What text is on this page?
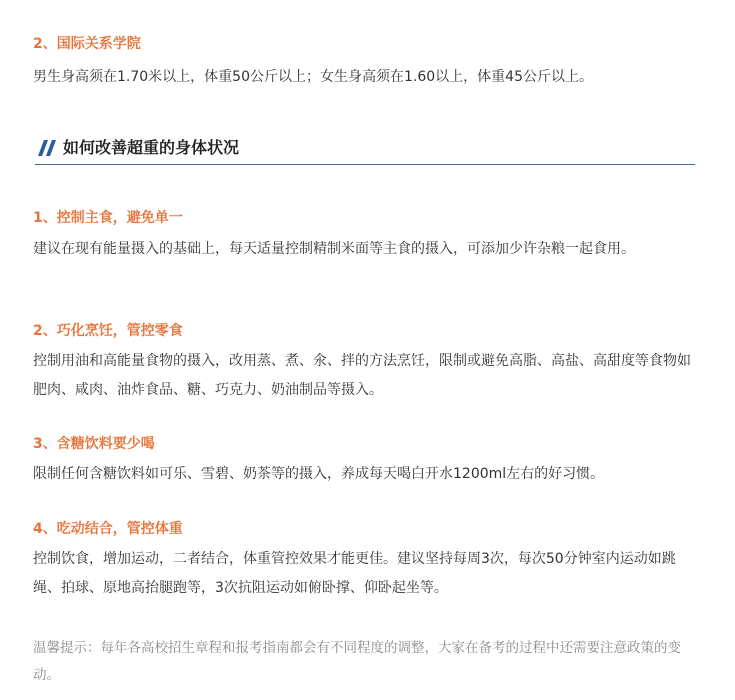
2、国际关系学院
男生身高须在1.70米以上，体重50公斤以上；女生身高须在1.60以上，体重45公斤以上。
如何改善超重的身体状况
1、控制主食，避免单一
建议在现有能量摄入的基础上，每天适量控制精制米面等主食的摄入，可添加少许杂粮一起食用。
2、巧化烹饪，管控零食
控制用油和高能量食物的摄入，改用蒸、煮、氽、拌的方法烹饪，限制或避免高脂、高盐、高甜度等食物如肥肉、咸肉、油炸食品、糖、巧克力、奶油制品等摄入。
3、含糖饮料要少喝
限制任何含糖饮料如可乐、雪碧、奶茶等的摄入，养成每天喝白开水1200ml左右的好习惯。
4、吃动结合，管控体重
控制饮食，增加运动，二者结合，体重管控效果才能更佳。建议坚持每周3次，每次50分钟室内运动如跳绳、拍球、原地高抬腿跑等，3次抗阻运动如俯卧撑、仰卧起坐等。
温馨提示：每年各高校招生章程和报考指南都会有不同程度的调整，大家在备考的过程中还需要注意政策的变动。
